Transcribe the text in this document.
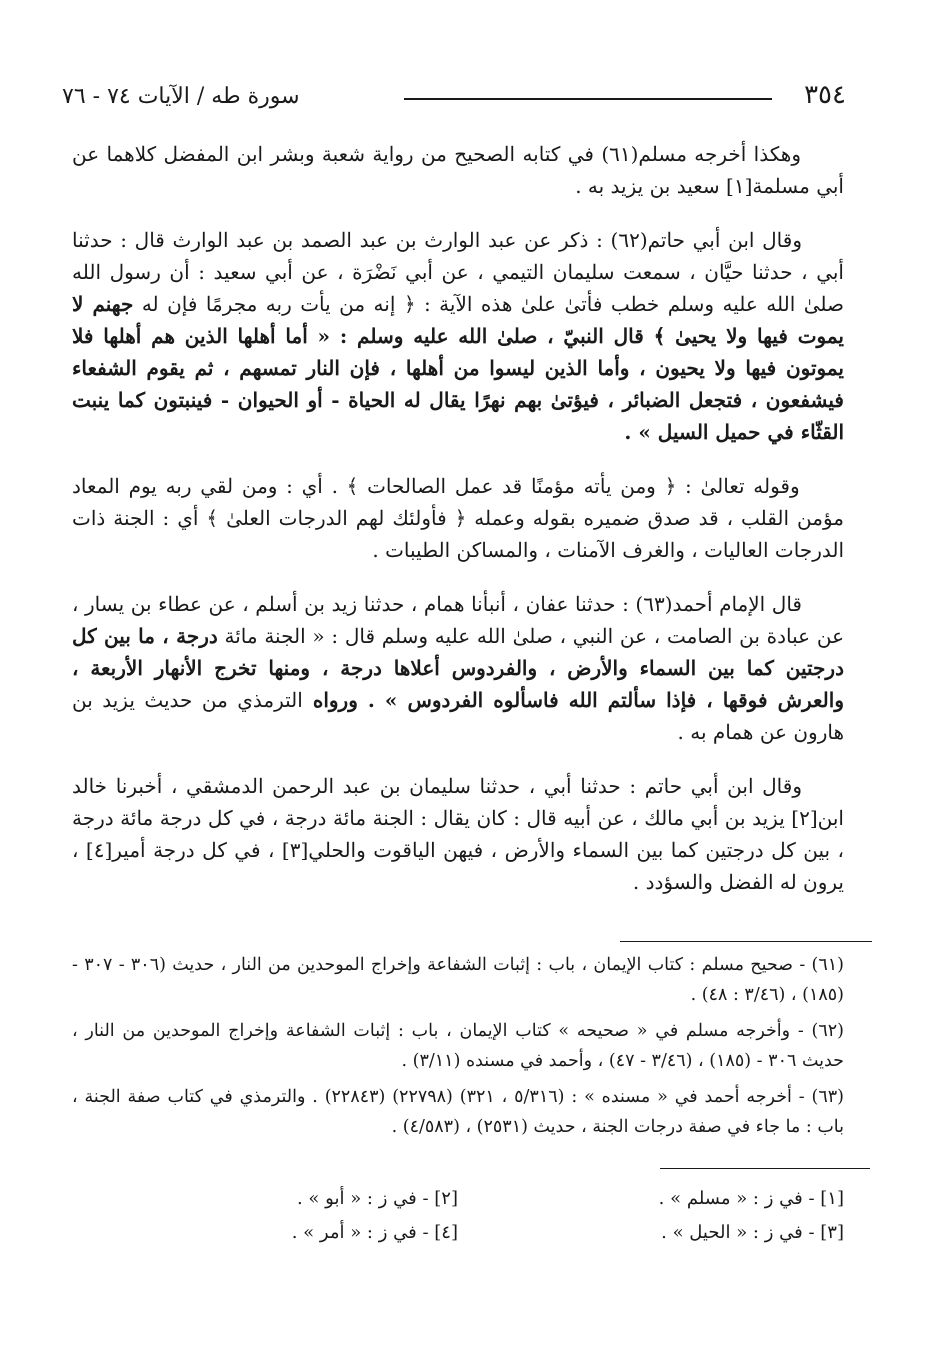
٣٥٤
سورة طه / الآيات ٧٤ - ٧٦

وهكذا أخرجه مسلم(٦١) في كتابه الصحيح من رواية شعبة وبشر ابن المفضل كلاهما عن أبي مسلمة[١] سعيد بن يزيد به .

وقال ابن أبي حاتم(٦٢) : ذكر عن عبد الوارث بن عبد الصمد بن عبد الوارث قال : حدثنا أبي ، حدثنا حيَّان ، سمعت سليمان التيمي ، عن أبي نَضْرَة ، عن أبي سعيد : أن رسول الله صلىٰ الله عليه وسلم خطب فأتىٰ علىٰ هذه الآية : ﴿ إنه من يأت ربه مجرمًا فإن له جهنم لا يموت فيها ولا يحيىٰ ﴾ قال النبيّ ، صلىٰ الله عليه وسلم : « أما أهلها الذين هم أهلها فلا يموتون فيها ولا يحيون ، وأما الذين ليسوا من أهلها ، فإن النار تمسهم ، ثم يقوم الشفعاء فيشفعون ، فتجعل الضبائر ، فيؤتىٰ بهم نهرًا يقال له الحياة - أو الحيوان - فينبتون كما ينبت القثّاء في حميل السيل » .

وقوله تعالىٰ : ﴿ ومن يأته مؤمنًا قد عمل الصالحات ﴾ . أي : ومن لقي ربه يوم المعاد مؤمن القلب ، قد صدق ضميره بقوله وعمله ﴿ فأولئك لهم الدرجات العلىٰ ﴾ أي : الجنة ذات الدرجات العاليات ، والغرف الآمنات ، والمساكن الطيبات .

قال الإمام أحمد(٦٣) : حدثنا عفان ، أنبأنا همام ، حدثنا زيد بن أسلم ، عن عطاء بن يسار ، عن عبادة بن الصامت ، عن النبي ، صلىٰ الله عليه وسلم قال : « الجنة مائة درجة ، ما بين كل درجتين كما بين السماء والأرض ، والفردوس أعلاها درجة ، ومنها تخرج الأنهار الأربعة ، والعرش فوقها ، فإذا سألتم الله فاسألوه الفردوس » . ورواه الترمذي من حديث يزيد بن هارون عن همام به .

وقال ابن أبي حاتم : حدثنا أبي ، حدثنا سليمان بن عبد الرحمن الدمشقي ، أخبرنا خالد ابن[٢] يزيد بن أبي مالك ، عن أبيه قال : كان يقال : الجنة مائة درجة ، في كل درجة مائة درجة ، بين كل درجتين كما بين السماء والأرض ، فيهن الياقوت والحلي[٣] ، في كل درجة أمير[٤] ، يرون له الفضل والسؤدد .

(٦١) - صحيح مسلم : كتاب الإيمان ، باب : إثبات الشفاعة وإخراج الموحدين من النار ، حديث (٣٠٦ - ٣٠٧ - (١٨٥) ، (٣/٤٦ : ٤٨) .

(٦٢) - وأخرجه مسلم في « صحيحه » كتاب الإيمان ، باب : إثبات الشفاعة وإخراج الموحدين من النار ، حديث ٣٠٦ - (١٨٥) ، (٣/٤٦ - ٤٧) ، وأحمد في مسنده (٣/١١) .

(٦٣) - أخرجه أحمد في « مسنده » : (٥/٣١٦ ، ٣٢١) (٢٢٧٩٨) (٢٢٨٤٣) . والترمذي في كتاب صفة الجنة ، باب : ما جاء في صفة درجات الجنة ، حديث (٢٥٣١) ، (٤/٥٨٣) .

[١] - في ز : « مسلم » .
[٢] - في ز : « أبو » .
[٣] - في ز : « الحيل » .
[٤] - في ز : « أمر » .
